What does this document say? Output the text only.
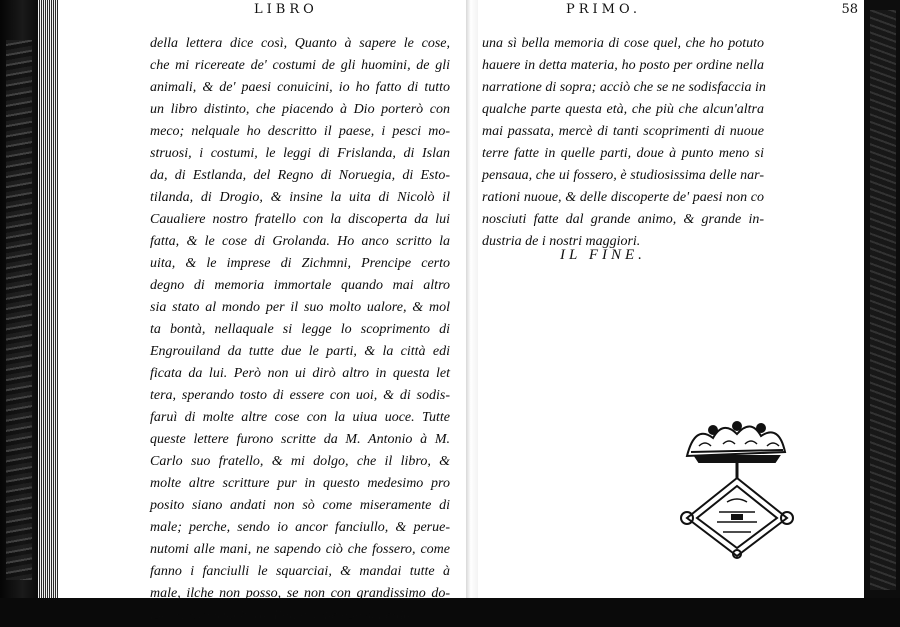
LIBRO
della lettera dice così, Quanto à sapere le cose,
che mi ricereate de' costumi de gli huomini, de gli
animali, & de' paesi conuicini, io ho fatto di tutto
un libro distinto, che piacendo à Dio porterò con
meco; nelquale ho descritto il paese, i pesci mo-
struosi, i costumi, le leggi di Frislanda, di Islan
da, di Estlanda, del Regno di Noruegia, di Esto-
tilanda, di Drogio, & insine la uita di Nicolò il
Caualiere nostro fratello con la discoperta da lui
fatta, & le cose di Grolanda. Ho anco scritto la
uita, & le imprese di Zichmni, Prencipe certo
degno di memoria immortale quando mai altro
sia stato al mondo per il suo molto ualore, & mol
ta bontà, nellaquale si legge lo scoprimento di
Engrouiland da tutte due le parti, & la città edi
ficata da lui. Però non ui dirò altro in questa let
tera, sperando tosto di essere con uoi, & di sodis-
faruì di molte altre cose con la uiua uoce. Tutte
queste lettere furono scritte da M. Antonio à M.
Carlo suo fratello, & mi dolgo, che il libro, &
molte altre scritture pur in questo medesimo pro
posito siano andati non sò come miseramente di
male; perche, sendo io ancor fanciullo, & perue-
nutomi alle mani, ne sapendo ciò che fossero, come
fanno i fanciulli le squarciai, & mandai tutte à
male, ilche non posso, se non con grandissimo do-
lore ricordarmi hora. Pur, perche non si perda
PRIMO.	58
una sì bella memoria di cose quel, che ho potuto
hauere in detta materia, ho posto per ordine nella
narratione di sopra; acciò che se ne sodisfaccia in
qualche parte questa età, che più che alcun'altra
mai passata, mercè di tanti scoprimenti di nuoue
terre fatte in quelle parti, doue à punto meno si
pensaua, che ui fossero, è studiosissima delle nar-
rationi nuoue, & delle discoperte de' paesi non co
nosciuti fatte dal grande animo, & grande in-
dustria de i nostri maggiori.
IL FINE.
